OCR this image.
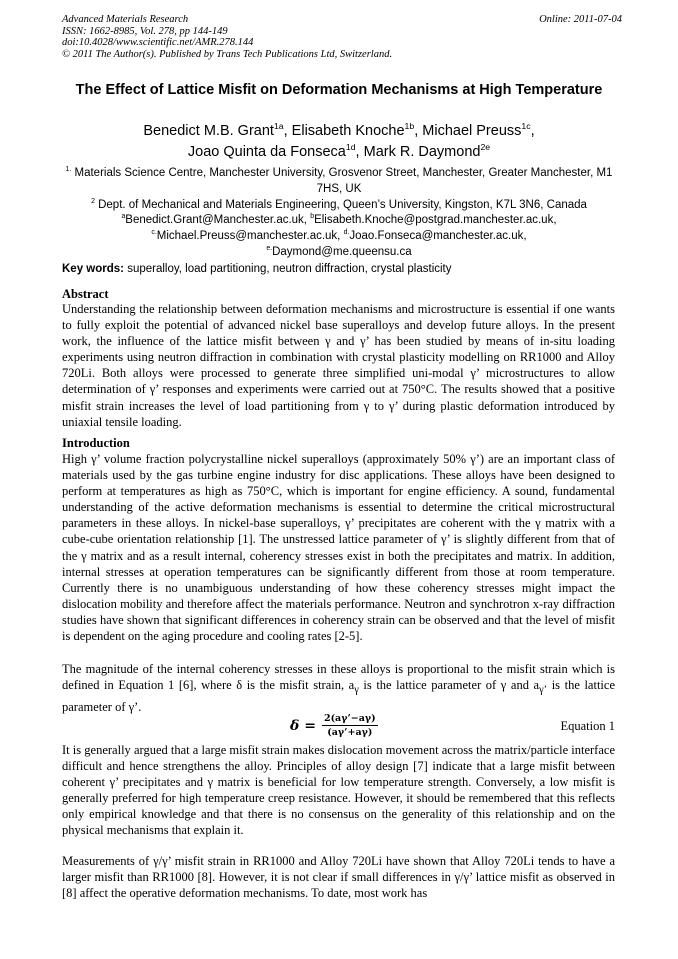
Advanced Materials Research	Online: 2011-07-04
ISSN: 1662-8985, Vol. 278, pp 144-149
doi:10.4028/www.scientific.net/AMR.278.144
© 2011 The Author(s). Published by Trans Tech Publications Ltd, Switzerland.
The Effect of Lattice Misfit on Deformation Mechanisms at High Temperature
Benedict M.B. Grant$^{1a}$, Elisabeth Knoche$^{1b}$, Michael Preuss$^{1c}$,
Joao Quinta da Fonseca$^{1d}$, Mark R. Daymond$^{2e}$
$^{1.}$ Materials Science Centre, Manchester University, Grosvenor Street, Manchester, Greater Manchester, M1 7HS, UK
$^2$ Dept. of Mechanical and Materials Engineering, Queen’s University, Kingston, K7L 3N6, Canada
$^a$Benedict.Grant@Manchester.ac.uk, $^b$Elisabeth.Knoche@postgrad.manchester.ac.uk,
$^{c.}$Michael.Preuss@manchester.ac.uk, $^{d.}$Joao.Fonseca@manchester.ac.uk,
$^{e.}$Daymond@me.queensu.ca
Key words: superalloy, load partitioning, neutron diffraction, crystal plasticity
Abstract
Understanding the relationship between deformation mechanisms and microstructure is essential if one wants to fully exploit the potential of advanced nickel base superalloys and develop future alloys. In the present work, the influence of the lattice misfit between γ and γ’ has been studied by means of in-situ loading experiments using neutron diffraction in combination with crystal plasticity modelling on RR1000 and Alloy 720Li. Both alloys were processed to generate three simplified uni-modal γ’ microstructures to allow determination of γ’ responses and experiments were carried out at 750°C. The results showed that a positive misfit strain increases the level of load partitioning from γ to γ’ during plastic deformation introduced by uniaxial tensile loading.
Introduction
High γ’ volume fraction polycrystalline nickel superalloys (approximately 50% γ’) are an important class of materials used by the gas turbine engine industry for disc applications. These alloys have been designed to perform at temperatures as high as 750°C, which is important for engine efficiency. A sound, fundamental understanding of the active deformation mechanisms is essential to determine the critical microstructural parameters in these alloys. In nickel-base superalloys, γ’ precipitates are coherent with the γ matrix with a cube-cube orientation relationship [1]. The unstressed lattice parameter of γ’ is slightly different from that of the γ matrix and as a result internal, coherency stresses exist in both the precipitates and matrix. In addition, internal stresses at operation temperatures can be significantly different from those at room temperature. Currently there is no unambiguous understanding of how these coherency stresses might impact the dislocation mobility and therefore affect the materials performance. Neutron and synchrotron x-ray diffraction studies have shown that significant differences in coherency strain can be observed and that the level of misfit is dependent on the aging procedure and cooling rates [2-5].
The magnitude of the internal coherency stresses in these alloys is proportional to the misfit strain which is defined in Equation 1 [6], where δ is the misfit strain, $a_\gamma$ is the lattice parameter of γ and $a_{\gamma’}$ is the lattice parameter of γ’.
$\delta = \frac{2(a\gamma’-a\gamma)}{(a\gamma’+a\gamma)}$	Equation 1
It is generally argued that a large misfit strain makes dislocation movement across the matrix/particle interface difficult and hence strengthens the alloy. Principles of alloy design [7] indicate that a large misfit between coherent γ’ precipitates and γ matrix is beneficial for low temperature strength. Conversely, a low misfit is generally preferred for high temperature creep resistance. However, it should be remembered that this reflects only empirical knowledge and that there is no consensus on the generality of this relationship and on the physical mechanisms that explain it.
Measurements of γ/γ’ misfit strain in RR1000 and Alloy 720Li have shown that Alloy 720Li tends to have a larger misfit than RR1000 [8]. However, it is not clear if small differences in γ/γ’ lattice misfit as observed in [8] affect the operative deformation mechanisms. To date, most work has
